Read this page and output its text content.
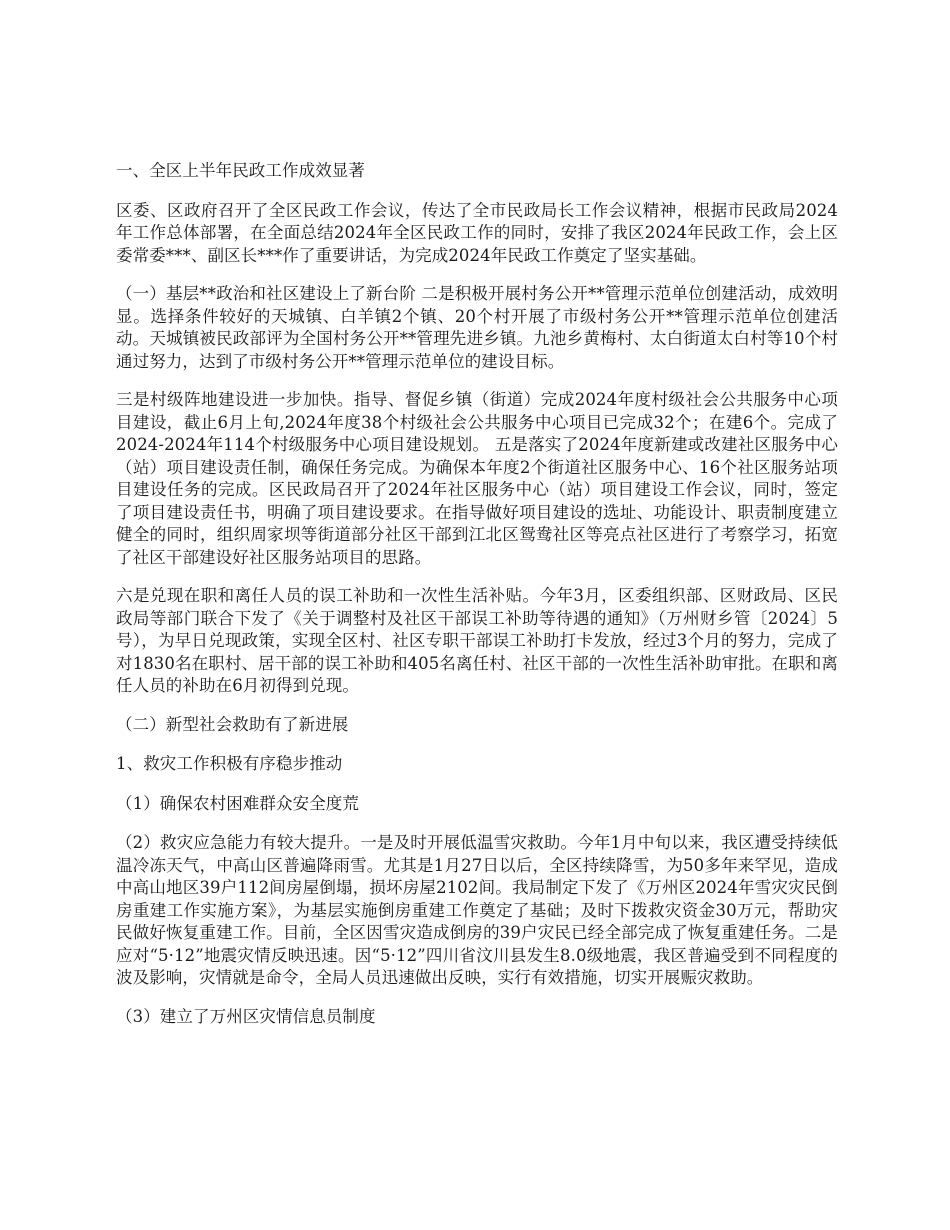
一、全区上半年民政工作成效显著

区委、区政府召开了全区民政工作会议，传达了全市民政局长工作会议精神，根据市民政局2024年工作总体部署，在全面总结2024年全区民政工作的同时，安排了我区2024年民政工作，会上区委常委***、副区长***作了重要讲话，为完成2024年民政工作奠定了坚实基础。

（一）基层**政治和社区建设上了新台阶 二是积极开展村务公开**管理示范单位创建活动，成效明显。选择条件较好的天城镇、白羊镇2个镇、20个村开展了市级村务公开**管理示范单位创建活动。天城镇被民政部评为全国村务公开**管理先进乡镇。九池乡黄梅村、太白街道太白村等10个村通过努力，达到了市级村务公开**管理示范单位的建设目标。

三是村级阵地建设进一步加快。指导、督促乡镇（街道）完成2024年度村级社会公共服务中心项目建设，截止6月上旬,2024年度38个村级社会公共服务中心项目已完成32个；在建6个。完成了2024-2024年114个村级服务中心项目建设规划。 五是落实了2024年度新建或改建社区服务中心（站）项目建设责任制，确保任务完成。为确保本年度2个街道社区服务中心、16个社区服务站项目建设任务的完成。区民政局召开了2024年社区服务中心（站）项目建设工作会议，同时，签定了项目建设责任书，明确了项目建设要求。在指导做好项目建设的选址、功能设计、职责制度建立健全的同时，组织周家坝等街道部分社区干部到江北区鸳鸯社区等亮点社区进行了考察学习，拓宽了社区干部建设好社区服务站项目的思路。

六是兑现在职和离任人员的误工补助和一次性生活补贴。今年3月，区委组织部、区财政局、区民政局等部门联合下发了《关于调整村及社区干部误工补助等待遇的通知》（万州财乡管〔2024〕5号），为早日兑现政策，实现全区村、社区专职干部误工补助打卡发放，经过3个月的努力，完成了对1830名在职村、居干部的误工补助和405名离任村、社区干部的一次性生活补助审批。在职和离任人员的补助在6月初得到兑现。

（二）新型社会救助有了新进展

1、救灾工作积极有序稳步推动

（1）确保农村困难群众安全度荒

（2）救灾应急能力有较大提升。一是及时开展低温雪灾救助。今年1月中旬以来，我区遭受持续低温冷冻天气，中高山区普遍降雨雪。尤其是1月27日以后，全区持续降雪，为50多年来罕见，造成中高山地区39户112间房屋倒塌，损坏房屋2102间。我局制定下发了《万州区2024年雪灾灾民倒房重建工作实施方案》，为基层实施倒房重建工作奠定了基础；及时下拨救灾资金30万元，帮助灾民做好恢复重建工作。目前，全区因雪灾造成倒房的39户灾民已经全部完成了恢复重建任务。二是应对“5·12”地震灾情反映迅速。因“5·12”四川省汶川县发生8.0级地震，我区普遍受到不同程度的波及影响，灾情就是命令，全局人员迅速做出反映，实行有效措施，切实开展赈灾救助。

（3）建立了万州区灾情信息员制度
